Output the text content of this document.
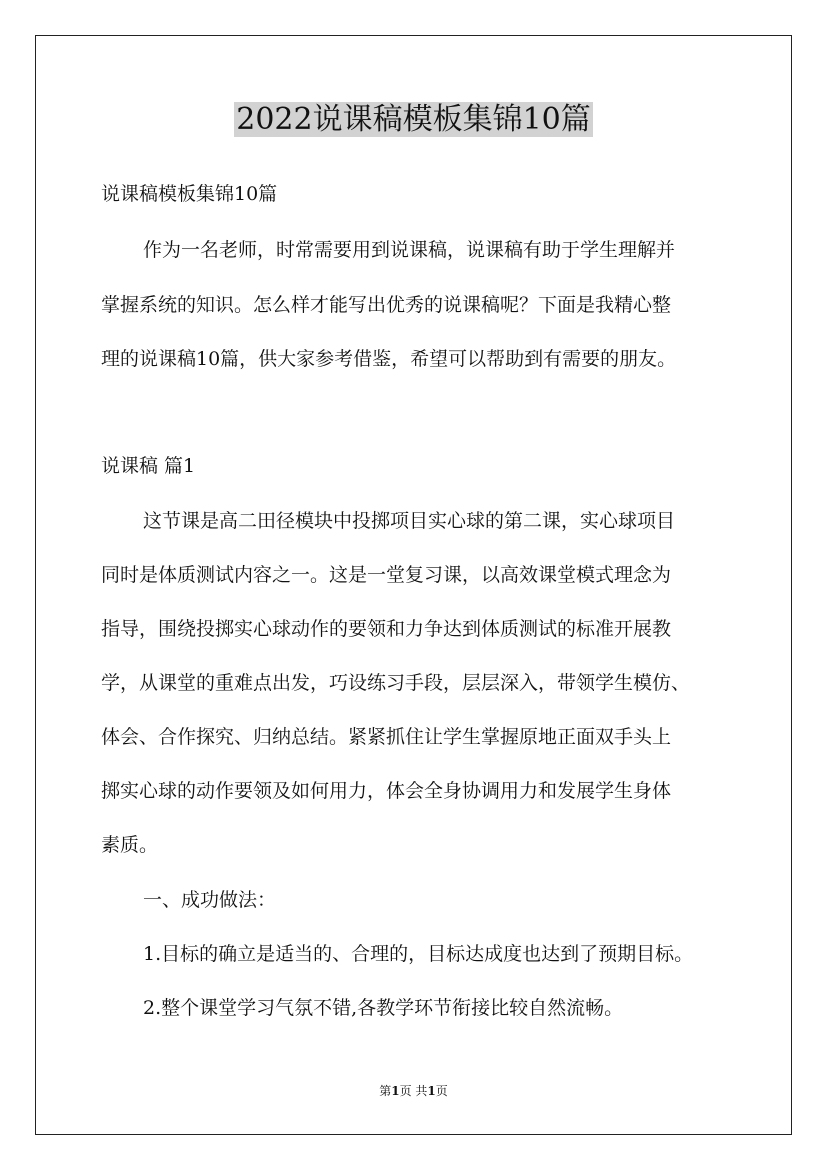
2022说课稿模板集锦10篇
说课稿模板集锦10篇
作为一名老师，时常需要用到说课稿，说课稿有助于学生理解并
掌握系统的知识。怎么样才能写出优秀的说课稿呢？下面是我精心整
理的说课稿10篇，供大家参考借鉴，希望可以帮助到有需要的朋友。
说课稿 篇1
这节课是高二田径模块中投掷项目实心球的第二课，实心球项目
同时是体质测试内容之一。这是一堂复习课，以高效课堂模式理念为
指导，围绕投掷实心球动作的要领和力争达到体质测试的标准开展教
学，从课堂的重难点出发，巧设练习手段，层层深入，带领学生模仿、
体会、合作探究、归纳总结。紧紧抓住让学生掌握原地正面双手头上
掷实心球的动作要领及如何用力，体会全身协调用力和发展学生身体
素质。
一、成功做法：
1.目标的确立是适当的、合理的，目标达成度也达到了预期目标。
2.整个课堂学习气氛不错,各教学环节衔接比较自然流畅。
第1页 共1页
